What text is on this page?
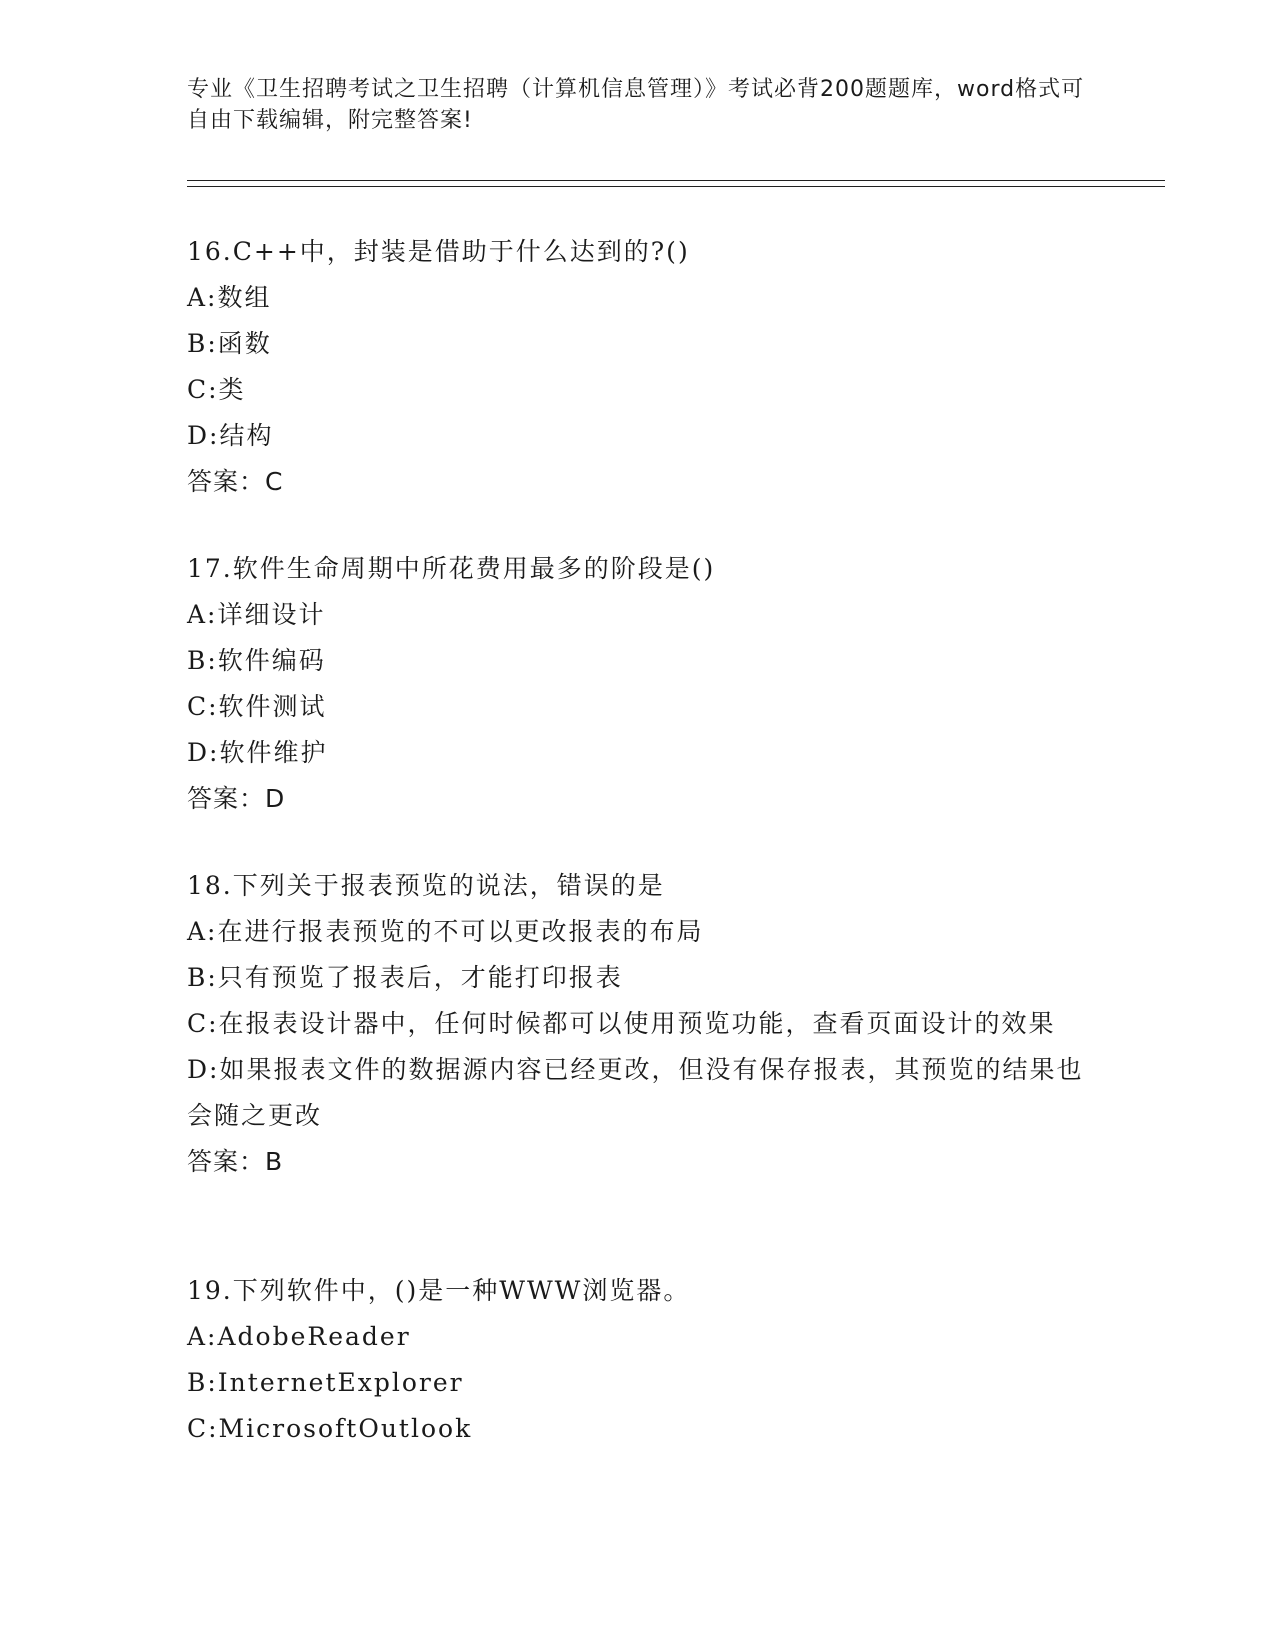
专业《卫生招聘考试之卫生招聘（计算机信息管理）》考试必背200题题库，word格式可自由下载编辑，附完整答案!
16.C++中，封装是借助于什么达到的?()
A:数组
B:函数
C:类
D:结构
答案：C
17.软件生命周期中所花费用最多的阶段是()
A:详细设计
B:软件编码
C:软件测试
D:软件维护
答案：D
18.下列关于报表预览的说法，错误的是
A:在进行报表预览的不可以更改报表的布局
B:只有预览了报表后，才能打印报表
C:在报表设计器中，任何时候都可以使用预览功能，查看页面设计的效果
D:如果报表文件的数据源内容已经更改，但没有保存报表，其预览的结果也会随之更改
答案：B
19.下列软件中，()是一种WWW浏览器。
A:AdobeReader
B:InternetExplorer
C:MicrosoftOutlook
